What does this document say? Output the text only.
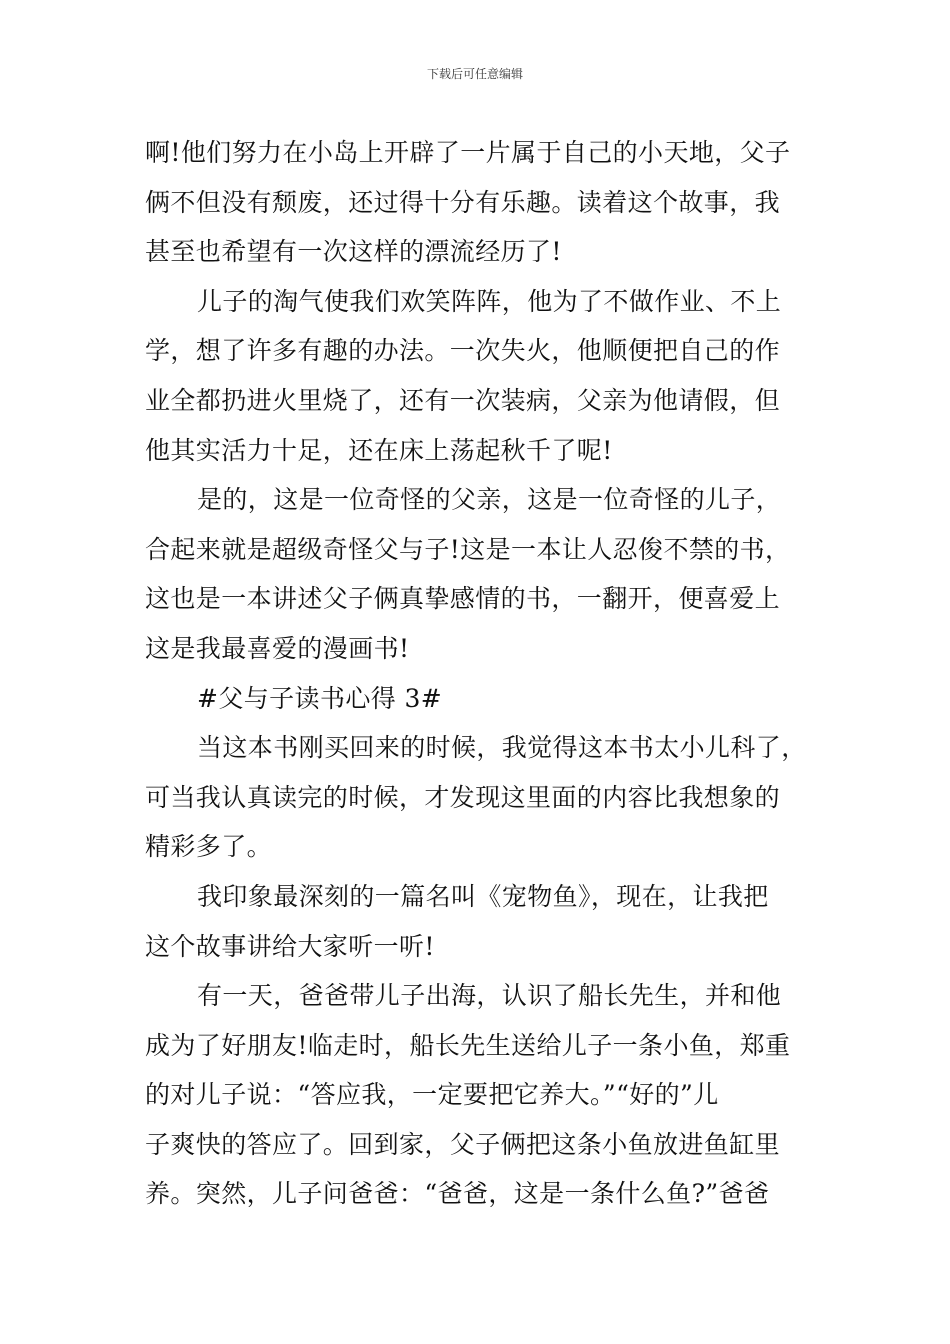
下载后可任意编辑
啊!他们努力在小岛上开辟了一片属于自己的小天地，父子
俩不但没有颓废，还过得十分有乐趣。读着这个故事，我
甚至也希望有一次这样的漂流经历了!
儿子的淘气使我们欢笑阵阵，他为了不做作业、不上
学，想了许多有趣的办法。一次失火，他顺便把自己的作
业全都扔进火里烧了，还有一次装病，父亲为他请假，但
他其实活力十足，还在床上荡起秋千了呢!
是的，这是一位奇怪的父亲，这是一位奇怪的儿子，
合起来就是超级奇怪父与子!这是一本让人忍俊不禁的书，
这也是一本讲述父子俩真挚感情的书，一翻开，便喜爱上
这是我最喜爱的漫画书!
#父与子读书心得 3#
当这本书刚买回来的时候，我觉得这本书太小儿科了，
可当我认真读完的时候，才发现这里面的内容比我想象的
精彩多了。
我印象最深刻的一篇名叫《宠物鱼》，现在，让我把
这个故事讲给大家听一听!
有一天，爸爸带儿子出海，认识了船长先生，并和他
成为了好朋友!临走时，船长先生送给儿子一条小鱼，郑重
的对儿子说：“答应我，一定要把它养大。”“好的”儿
子爽快的答应了。回到家，父子俩把这条小鱼放进鱼缸里
养。突然，儿子问爸爸：“爸爸，这是一条什么鱼?”爸爸
